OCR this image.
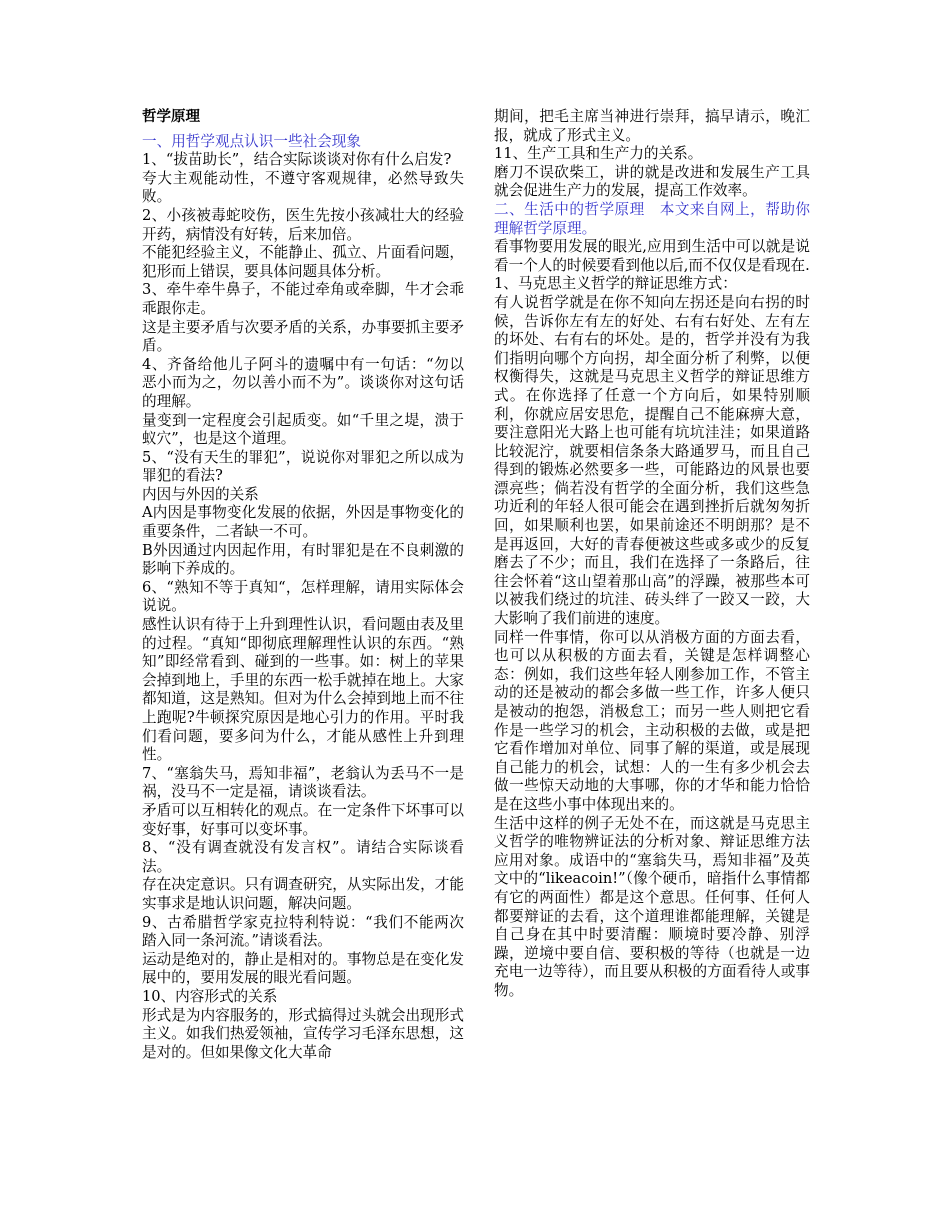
哲学原理

一、用哲学观点认识一些社会现象

1、“拔苗助长”，结合实际谈谈对你有什么启发?

夸大主观能动性，不遵守客观规律，必然导致失败。

2、小孩被毒蛇咬伤，医生先按小孩减壮大的经验开药，病情没有好转，后来加倍。

不能犯经验主义，不能静止、孤立、片面看问题，犯形而上错误，要具体问题具体分析。

3、牵牛牵牛鼻子，不能过牵角或牵脚，牛才会乖乖跟你走。

这是主要矛盾与次要矛盾的关系，办事要抓主要矛盾。

4、齐备给他儿子阿斗的遗嘱中有一句话：“勿以恶小而为之，勿以善小而不为”。谈谈你对这句话的理解。

量变到一定程度会引起质变。如“千里之堤，溃于蚁穴”，也是这个道理。

5、“没有天生的罪犯”，说说你对罪犯之所以成为罪犯的看法?

内因与外因的关系

A内因是事物变化发展的依据，外因是事物变化的重要条件，二者缺一不可。

B外因通过内因起作用，有时罪犯是在不良刺激的影响下养成的。

6、“熟知不等于真知“，怎样理解，请用实际体会说说。

感性认识有待于上升到理性认识，看问题由表及里的过程。“真知“即彻底理解理性认识的东西。“熟知”即经常看到、碰到的一些事。如：树上的苹果会掉到地上，手里的东西一松手就掉在地上。大家都知道，这是熟知。但对为什么会掉到地上而不往上跑呢?牛顿探究原因是地心引力的作用。平时我们看问题，要多问为什么，才能从感性上升到理性。

7、“塞翁失马，焉知非福”，老翁认为丢马不一是祸，没马不一定是福，请谈谈看法。

矛盾可以互相转化的观点。在一定条件下坏事可以变好事，好事可以变坏事。

8、“没有调查就没有发言权”。请结合实际谈看法。

存在决定意识。只有调查研究，从实际出发，才能实事求是地认识问题，解决问题。

9、古希腊哲学家克拉特利特说：“我们不能两次踏入同一条河流。”请谈看法。

运动是绝对的，静止是相对的。事物总是在变化发展中的，要用发展的眼光看问题。

10、内容形式的关系

形式是为内容服务的，形式搞得过头就会出现形式主义。如我们热爱领袖，宣传学习毛泽东思想，这是对的。但如果像文化大革命

期间，把毛主席当神进行崇拜，搞早请示，晚汇报，就成了形式主义。

11、生产工具和生产力的关系。

磨刀不误砍柴工，讲的就是改进和发展生产工具就会促进生产力的发展，提高工作效率。

二、生活中的哲学原理　本文来自网上，帮助你理解哲学原理。

看事物要用发展的眼光,应用到生活中可以就是说看一个人的时候要看到他以后,而不仅仅是看现在.

1、马克思主义哲学的辩证思维方式：

有人说哲学就是在你不知向左拐还是向右拐的时候，告诉你左有左的好处、右有右好处、左有左的坏处、右有右的坏处。是的，哲学并没有为我们指明向哪个方向拐，却全面分析了利弊，以便权衡得失，这就是马克思主义哲学的辩证思维方式。在你选择了任意一个方向后，如果特别顺利，你就应居安思危，提醒自己不能麻痹大意，要注意阳光大路上也可能有坑坑洼洼；如果道路比较泥泞，就要相信条条大路通罗马，而且自己得到的锻炼必然要多一些，可能路边的风景也要漂亮些；倘若没有哲学的全面分析，我们这些急功近利的年轻人很可能会在遇到挫折后就匆匆折回，如果顺利也罢，如果前途还不明朗那？是不是再返回，大好的青春便被这些或多或少的反复磨去了不少；而且，我们在选择了一条路后，往往会怀着“这山望着那山高”的浮躁，被那些本可以被我们绕过的坑洼、砖头绊了一跤又一跤，大大影响了我们前进的速度。

同样一件事情，你可以从消极方面的方面去看，也可以从积极的方面去看，关键是怎样调整心态：例如，我们这些年轻人刚参加工作，不管主动的还是被动的都会多做一些工作，许多人便只是被动的抱怨，消极怠工；而另一些人则把它看作是一些学习的机会，主动积极的去做，或是把它看作增加对单位、同事了解的渠道，或是展现自己能力的机会，试想：人的一生有多少机会去做一些惊天动地的大事哪，你的才华和能力恰恰是在这些小事中体现出来的。

生活中这样的例子无处不在，而这就是马克思主义哲学的唯物辨证法的分析对象、辩证思维方法应用对象。成语中的“塞翁失马，焉知非福”及英文中的“likeacoin!”（像个硬币，暗指什么事情都有它的两面性）都是这个意思。任何事、任何人都要辩证的去看，这个道理谁都能理解，关键是自己身在其中时要清醒：顺境时要冷静、别浮躁，逆境中要自信、要积极的等待（也就是一边充电一边等待），而且要从积极的方面看待人或事物。
